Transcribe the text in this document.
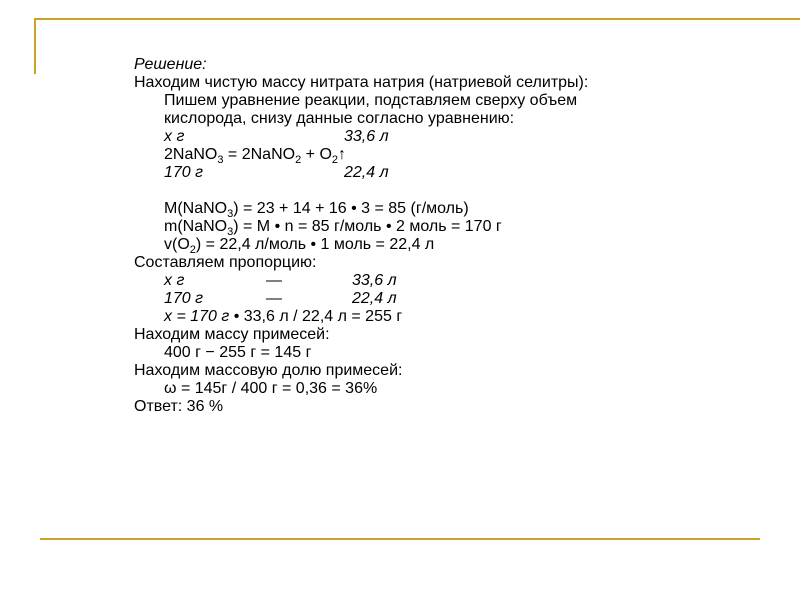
Решение:
Находим чистую массу нитрата натрия (натриевой селитры):
Пишем уравнение реакции, подставляем сверху объем
кислорода, снизу данные согласно уравнению:
x г	33,6 л
2NaNO$_3$ = 2NaNO$_2$ + $O_2↑$
170 г	22,4 л
M(NaNO$_3$) = 23 + 14 + 16 • 3 = 85 (г/моль)
m(NaNO$_3$) = M • n = 85 г/моль • 2 моль = 170 г
$v(O_2) = 22,4$ л/моль • 1 моль = 22,4 л
Составляем пропорцию:
x г	—	33,6 л
170 г	—	22,4 л
x = 170 г • 33,6 л / 22,4 л = 255 г
Находим массу примесей:
400 г − 255 г = 145 г
Находим массовую долю примесей:
ω = 145г / 400 г = 0,36 = 36%
Ответ: 36 %
